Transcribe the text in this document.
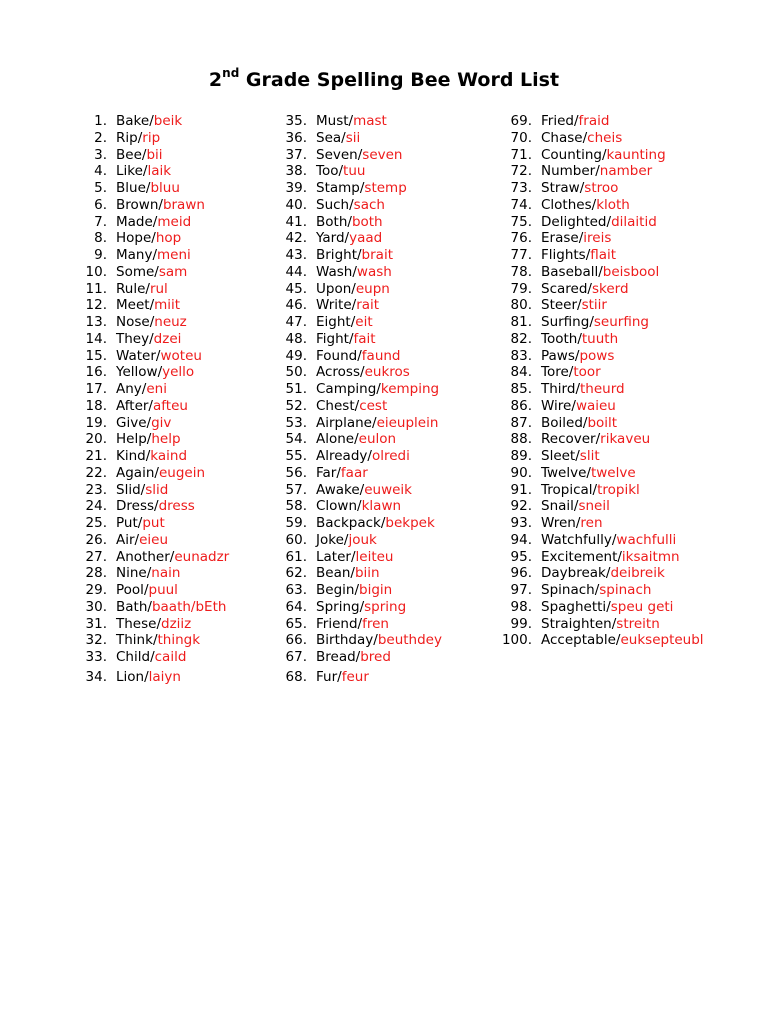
2nd Grade Spelling Bee Word List
1. Bake/beik
2. Rip/rip
3. Bee/bii
4. Like/laik
5. Blue/bluu
6. Brown/brawn
7. Made/meid
8. Hope/hop
9. Many/meni
10. Some/sam
11. Rule/rul
12. Meet/miit
13. Nose/neuz
14. They/dzei
15. Water/woteu
16. Yellow/yello
17. Any/eni
18. After/afteu
19. Give/giv
20. Help/help
21. Kind/kaind
22. Again/eugein
23. Slid/slid
24. Dress/dress
25. Put/put
26. Air/eieu
27. Another/eunadzr
28. Nine/nain
29. Pool/puul
30. Bath/baath/bEth
31. These/dziiz
32. Think/thingk
33. Child/caild
34. Lion/laiyn
35. Must/mast
36. Sea/sii
37. Seven/seven
38. Too/tuu
39. Stamp/stemp
40. Such/sach
41. Both/both
42. Yard/yaad
43. Bright/brait
44. Wash/wash
45. Upon/eupn
46. Write/rait
47. Eight/eit
48. Fight/fait
49. Found/faund
50. Across/eukros
51. Camping/kemping
52. Chest/cest
53. Airplane/eieuplein
54. Alone/eulon
55. Already/olredi
56. Far/faar
57. Awake/euweik
58. Clown/klawn
59. Backpack/bekpek
60. Joke/jouk
61. Later/leiteu
62. Bean/biin
63. Begin/bigin
64. Spring/spring
65. Friend/fren
66. Birthday/beuthdey
67. Bread/bred
68. Fur/feur
69. Fried/fraid
70. Chase/cheis
71. Counting/kaunting
72. Number/namber
73. Straw/stroo
74. Clothes/kloth
75. Delighted/dilaitid
76. Erase/ireis
77. Flights/flait
78. Baseball/beisbool
79. Scared/skerd
80. Steer/stiir
81. Surfing/seurfing
82. Tooth/tuuth
83. Paws/pows
84. Tore/toor
85. Third/theurd
86. Wire/waieu
87. Boiled/boilt
88. Recover/rikaveu
89. Sleet/slit
90. Twelve/twelve
91. Tropical/tropikl
92. Snail/sneil
93. Wren/ren
94. Watchfully/wachfulli
95. Excitement/iksaitmn
96. Daybreak/deibreik
97. Spinach/spinach
98. Spaghetti/speu geti
99. Straighten/streitn
100. Acceptable/euksepteubl
